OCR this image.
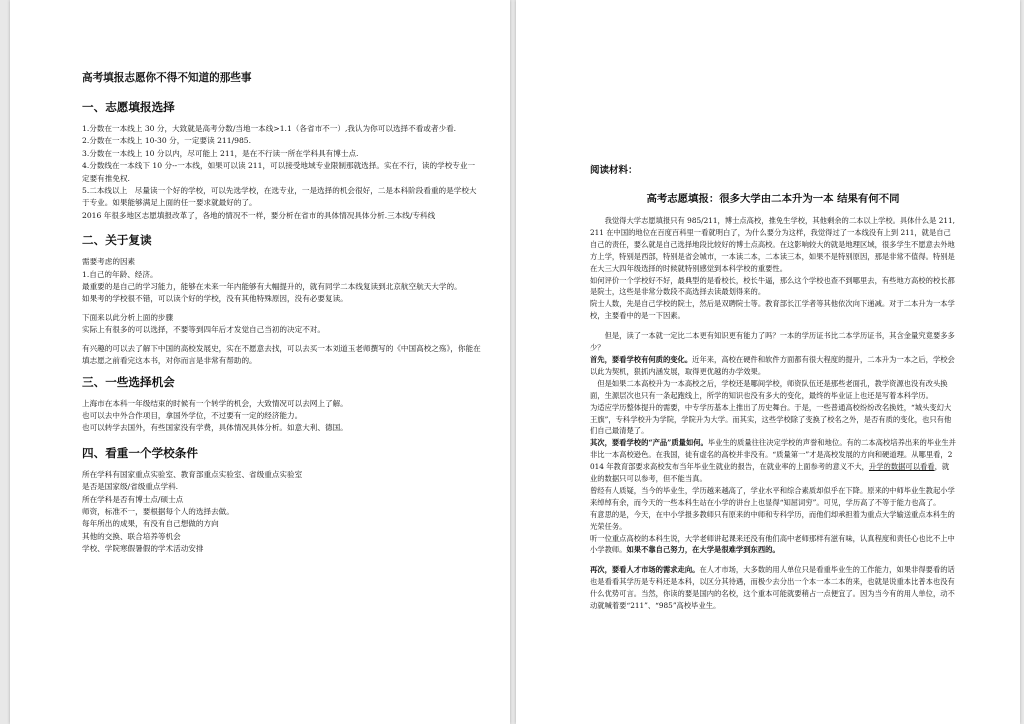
高考填报志愿你不得不知道的那些事

一、志愿填报选择

1.分数在一本线上 30 分，大致就是高考分数/当地一本线>1.1（各省市不一）,我认为你可以选择不看或者少看.

2.分数在一本线上 10-30 分，一定要读 211/985.

3.分数在一本线上 10 分以内，尽可能上 211，是在不行读一所在学科具有博士点.

4.分数线在一本线下 10 分--一本线，如果可以读 211，可以接受地域专业限制那就选择。实在不行，读的学校专业一定要有推免权.

5.二本线以上　尽量读一个好的学校，可以先选学校，在选专业，一是选择的机会很好，二是本科阶段看重的是学校大于专业。如果能够满足上面的任一要求就最好的了。

2016 年很多地区志愿填报改革了，各地的情况不一样，要分析在省市的具体情况具体分析.三本线/专科线

二、关于复读

需要考虑的因素

1.自己的年龄、经济。

最重要的是自己的学习能力，能够在未来一年内能够有大幅提升的，就有同学二本线复读到北京航空航天大学的。

如果考的学校很不错，可以读个好的学校，没有其他特殊原因，没有必要复读。

下面来以此分析上面的步骤

实际上有很多的可以选择，不要等到四年后才发觉自己当初的决定不对。

有兴趣的可以去了解下中国的高校发展史，实在不愿意去找，可以去买一本刘道玉老师撰写的《中国高校之殇》，你能在填志愿之前看完这本书，对你而言是非常有帮助的。

三、一些选择机会

上海市在本科一年级结束的时候有一个转学的机会，大致情况可以去网上了解。

也可以去中外合作项目，拿国外学位，不过要有一定的经济能力。

也可以转学去国外，有些国家没有学费，具体情况具体分析。如意大利、德国。

四、看重一个学校条件

所在学科有国家重点实验室、教育部重点实验室、省级重点实验室

是否是国家级/省级重点学科.

所在学科是否有博士点/硕士点

师资，标准不一，要根据每个人的选择去做。

每年所出的成果，有没有自己想做的方向

其他的交换、联合培养等机会

学校、学院寒假暑假的学术活动安排

阅读材料：

高考志愿填报：很多大学由二本升为一本 结果有何不同

我觉得大学志愿填报只有 985/211，博士点高校，推免生学校，其他剩余的二本以上学校。具体什么是 211,211 在中国的地位在百度百科里一看就明白了，为什么要分为这样，我觉得过了一本线没有上到 211，就是自己自己的责任，要么就是自己选择地段比较好的博士点高校。在这影响较大的就是地理区域，很多学生不愿意去外地方上学，特别是西部，特别是省会城市，一本读二本，二本读三本，如果不是特别原因，那是非常不值得。特别是在大三大四年级选择的时候就特别感觉到本科学校的重要性。

如何评价一个学校好不好，最典型的是看校长，校长牛逼，那么这个学校也查不到哪里去，有些地方高校的校长都是院士，这些是非常分数段不高选择去读最划得来的。

院士人数，先是自己学校的院士，然后是双聘院士等。教育部长江学者等其他依次向下递减。对于二本升为一本学校，主要看中的是一下因素。

但是，读了一本就一定比二本更有知识更有能力了吗？一本的学历证书比二本学历证书，其含金量究竟要多多少？

首先，要看学校有何质的变化。近年来，高校在硬件和软件方面都有很大程度的提升，二本升为一本之后，学校会以此为契机，狠抓内涵发展，取得更优越的办学效果。

但是如果二本高校升为一本高校之后，学校还是哪间学校，师资队伍还是那些老面孔，教学资源也没有改头换面，生源层次也只有一条起跑线上，所学的知识也没有多大的变化，最终的毕业证上也还是写着本科学历。

为适应学历整体提升的需要，中专学历基本上推出了历史舞台。于是，一些普通高校纷纷改名换姓，“城头变幻大王旗”，专科学校升为学院，学院升为大学。而其实，这些学校除了变换了校名之外，是否有质的变化，也只有他们自己最清楚了。

其次，要看学校的“产品”质量如何。毕业生的质量往往决定学校的声誉和地位。有的二本高校培养出来的毕业生并非比一本高校逊色。在我国，徒有虚名的高校并非没有。“质量第一”才是高校发展的方向和硬道理。从哪里看，2014 年教育部要求高校发布当年毕业生就业的报告，在就业率的上面参考的意义不大，升学的数据可以看看，就业的数据只可以参考，但不能当真。

曾经有人质疑，当今的毕业生，学历越来越高了，学业水平和综合素质却似乎在下降。原来的中师毕业生教起小学来绰绰有余，而今天的一些本科生站在小学的讲台上也显得“知屈词穷”。可见，学历高了不等于能力也高了。

有意思的是，今天，在中小学报多教师只有原来的中师和专科学历，而他们却承担着为重点大学输送重点本科生的光荣任务。

听一位重点高校的本科生说，大学老师讲起课来还没有他们高中老师那样有滋有味，认真程度和责任心也比不上中小学教师。如果不靠自己努力，在大学是很难学到东西的。

再次，要看人才市场的需求走向。在人才市场，大多数的用人单位只是看重毕业生的工作能力，如果非得要看的话也是看看其学历是专科还是本科，以区分其待遇，而极少去分出一个本一本二本的来，也就是说重本比普本也没有什么优势可言。当然，你读的要是国内的名校，这个重本可能就要稍占一点便宜了。因为当今有的用人单位，动不动就喊着要“211”、“985”高校毕业生。
